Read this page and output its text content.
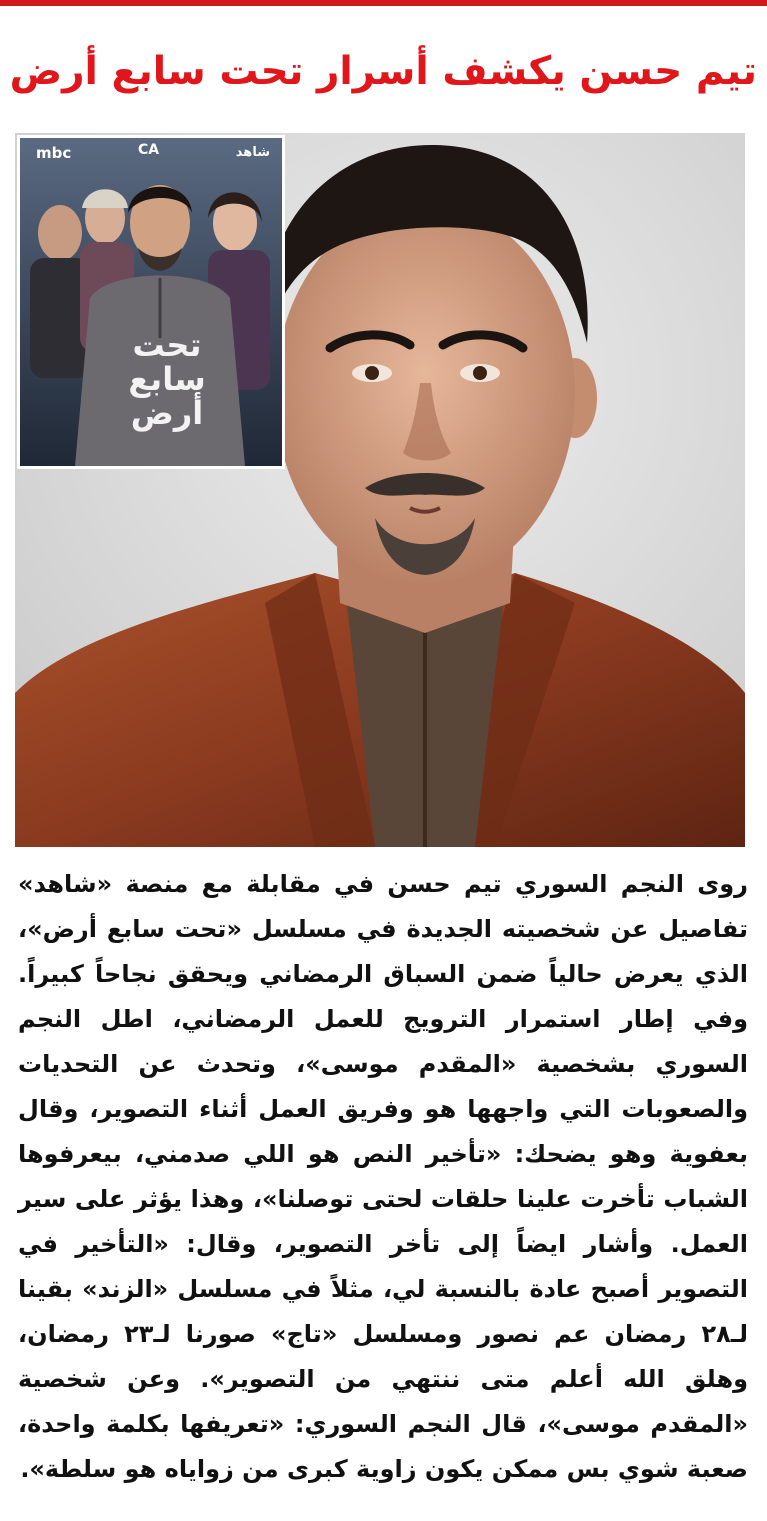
تيم حسن يكشف أسرار تحت سابع أرض
mbc	CA	شاهد
تحت
سابع
أرض

روى النجم السوري تيم حسن في مقابلة مع منصة «شاهد» تفاصيل عن شخصيته الجديدة في مسلسل «تحت سابع أرض»، الذي يعرض حالياً ضمن السباق الرمضاني ويحقق نجاحاً كبيراً. وفي إطار استمرار الترويج للعمل الرمضاني، اطل النجم السوري بشخصية «المقدم موسى»، وتحدث عن التحديات والصعوبات التي واجهها هو وفريق العمل أثناء التصوير، وقال بعفوية وهو يضحك: «تأخير النص هو اللي صدمني، بيعرفوها الشباب تأخرت علينا حلقات لحتى توصلنا»، وهذا يؤثر على سير العمل. وأشار ايضاً إلى تأخر التصوير، وقال: «التأخير في التصوير أصبح عادة بالنسبة لي، مثلاً في مسلسل «الزند» بقينا لـ٢٨ رمضان عم نصور ومسلسل «تاج» صورنا لـ٢٣ رمضان، وهلق الله أعلم متى ننتهي من التصوير». وعن شخصية «المقدم موسى»، قال النجم السوري: «تعريفها بكلمة واحدة، صعبة شوي بس ممكن يكون زاوية كبرى من زواياه هو سلطة».
